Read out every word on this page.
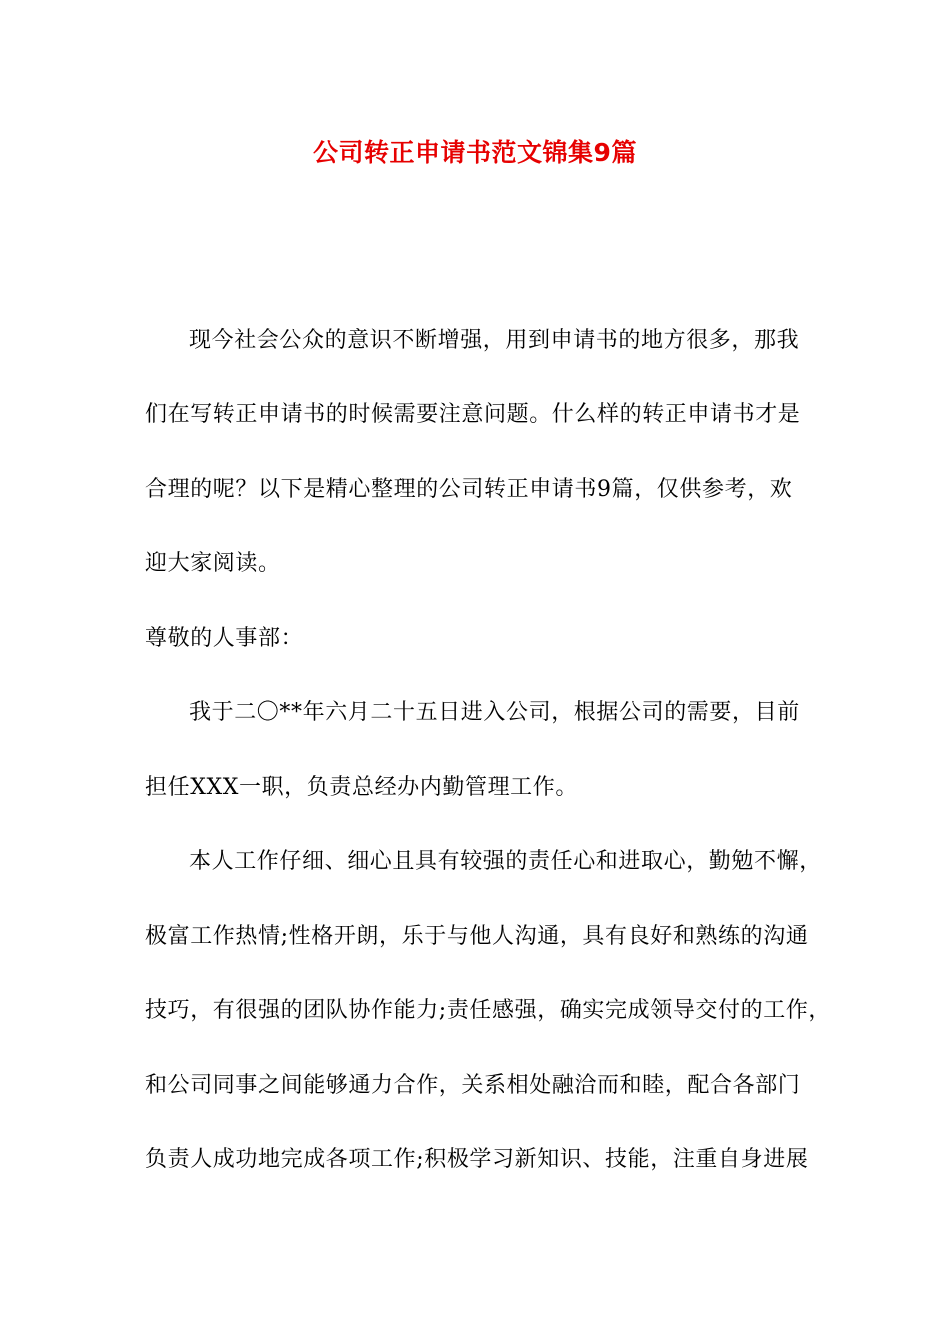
公司转正申请书范文锦集9篇
现今社会公众的意识不断增强，用到申请书的地方很多，那我
们在写转正申请书的时候需要注意问题。什么样的转正申请书才是
合理的呢？以下是精心整理的公司转正申请书9篇，仅供参考，欢
迎大家阅读。
尊敬的人事部：
我于二〇**年六月二十五日进入公司，根据公司的需要，目前
担任XXX一职，负责总经办内勤管理工作。
本人工作仔细、细心且具有较强的责任心和进取心，勤勉不懈，
极富工作热情;性格开朗，乐于与他人沟通，具有良好和熟练的沟通
技巧，有很强的团队协作能力;责任感强，确实完成领导交付的工作，
和公司同事之间能够通力合作，关系相处融洽而和睦，配合各部门
负责人成功地完成各项工作;积极学习新知识、技能，注重自身进展
